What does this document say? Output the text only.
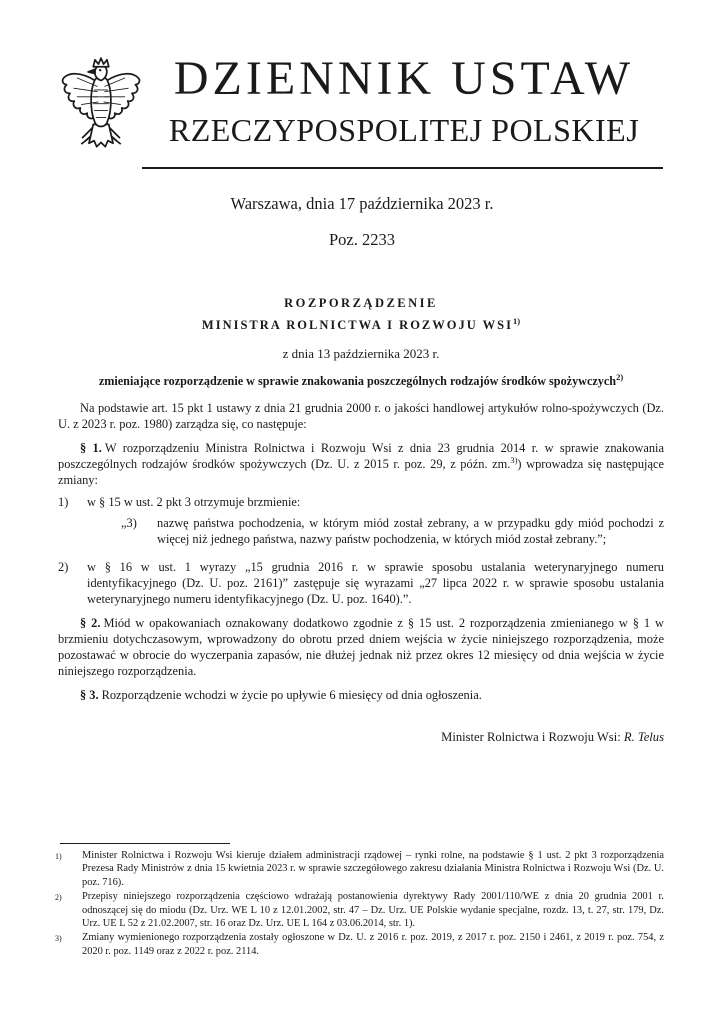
DZIENNIK USTAW
RZECZYPOSPOLITEJ POLSKIEJ
Warszawa, dnia 17 października 2023 r.
Poz. 2233
ROZPORZĄDZENIE
MINISTRA ROLNICTWA I ROZWOJU WSI$^{1)}$
z dnia 13 października 2023 r.
zmieniające rozporządzenie w sprawie znakowania poszczególnych rodzajów środków spożywczych$^{2)}$

Na podstawie art. 15 pkt 1 ustawy z dnia 21 grudnia 2000 r. o jakości handlowej artykułów rolno-spożywczych (Dz. U. z 2023 r. poz. 1980) zarządza się, co następuje:

§ 1. W rozporządzeniu Ministra Rolnictwa i Rozwoju Wsi z dnia 23 grudnia 2014 r. w sprawie znakowania poszczególnych rodzajów środków spożywczych (Dz. U. z 2015 r. poz. 29, z późn. zm.$^{3)}$) wprowadza się następujące zmiany:

1)	w § 15 w ust. 2 pkt 3 otrzymuje brzmienie:
„3)	nazwę państwa pochodzenia, w którym miód został zebrany, a w przypadku gdy miód pochodzi z więcej niż jednego państwa, nazwy państw pochodzenia, w których miód został zebrany.”;
2)	w § 16 w ust. 1 wyrazy „15 grudnia 2016 r. w sprawie sposobu ustalania weterynaryjnego numeru identyfikacyjnego (Dz. U. poz. 2161)” zastępuje się wyrazami „27 lipca 2022 r. w sprawie sposobu ustalania weterynaryjnego numeru identyfikacyjnego (Dz. U. poz. 1640).”.

§ 2. Miód w opakowaniach oznakowany dodatkowo zgodnie z § 15 ust. 2 rozporządzenia zmienianego w § 1 w brzmieniu dotychczasowym, wprowadzony do obrotu przed dniem wejścia w życie niniejszego rozporządzenia, może pozostawać w obrocie do wyczerpania zapasów, nie dłużej jednak niż przez okres 12 miesięcy od dnia wejścia w życie niniejszego rozporządzenia.

§ 3. Rozporządzenie wchodzi w życie po upływie 6 miesięcy od dnia ogłoszenia.

Minister Rolnictwa i Rozwoju Wsi: R. Telus
1)	Minister Rolnictwa i Rozwoju Wsi kieruje działem administracji rządowej – rynki rolne, na podstawie § 1 ust. 2 pkt 3 rozporządzenia Prezesa Rady Ministrów z dnia 15 kwietnia 2023 r. w sprawie szczegółowego zakresu działania Ministra Rolnictwa i Rozwoju Wsi (Dz. U. poz. 716).
2)	Przepisy niniejszego rozporządzenia częściowo wdrażają postanowienia dyrektywy Rady 2001/110/WE z dnia 20 grudnia 2001 r. odnoszącej się do miodu (Dz. Urz. WE L 10 z 12.01.2002, str. 47 – Dz. Urz. UE Polskie wydanie specjalne, rozdz. 13, t. 27, str. 179, Dz. Urz. UE L 52 z 21.02.2007, str. 16 oraz Dz. Urz. UE L 164 z 03.06.2014, str. 1).
3)	Zmiany wymienionego rozporządzenia zostały ogłoszone w Dz. U. z 2016 r. poz. 2019, z 2017 r. poz. 2150 i 2461, z 2019 r. poz. 754, z 2020 r. poz. 1149 oraz z 2022 r. poz. 2114.
